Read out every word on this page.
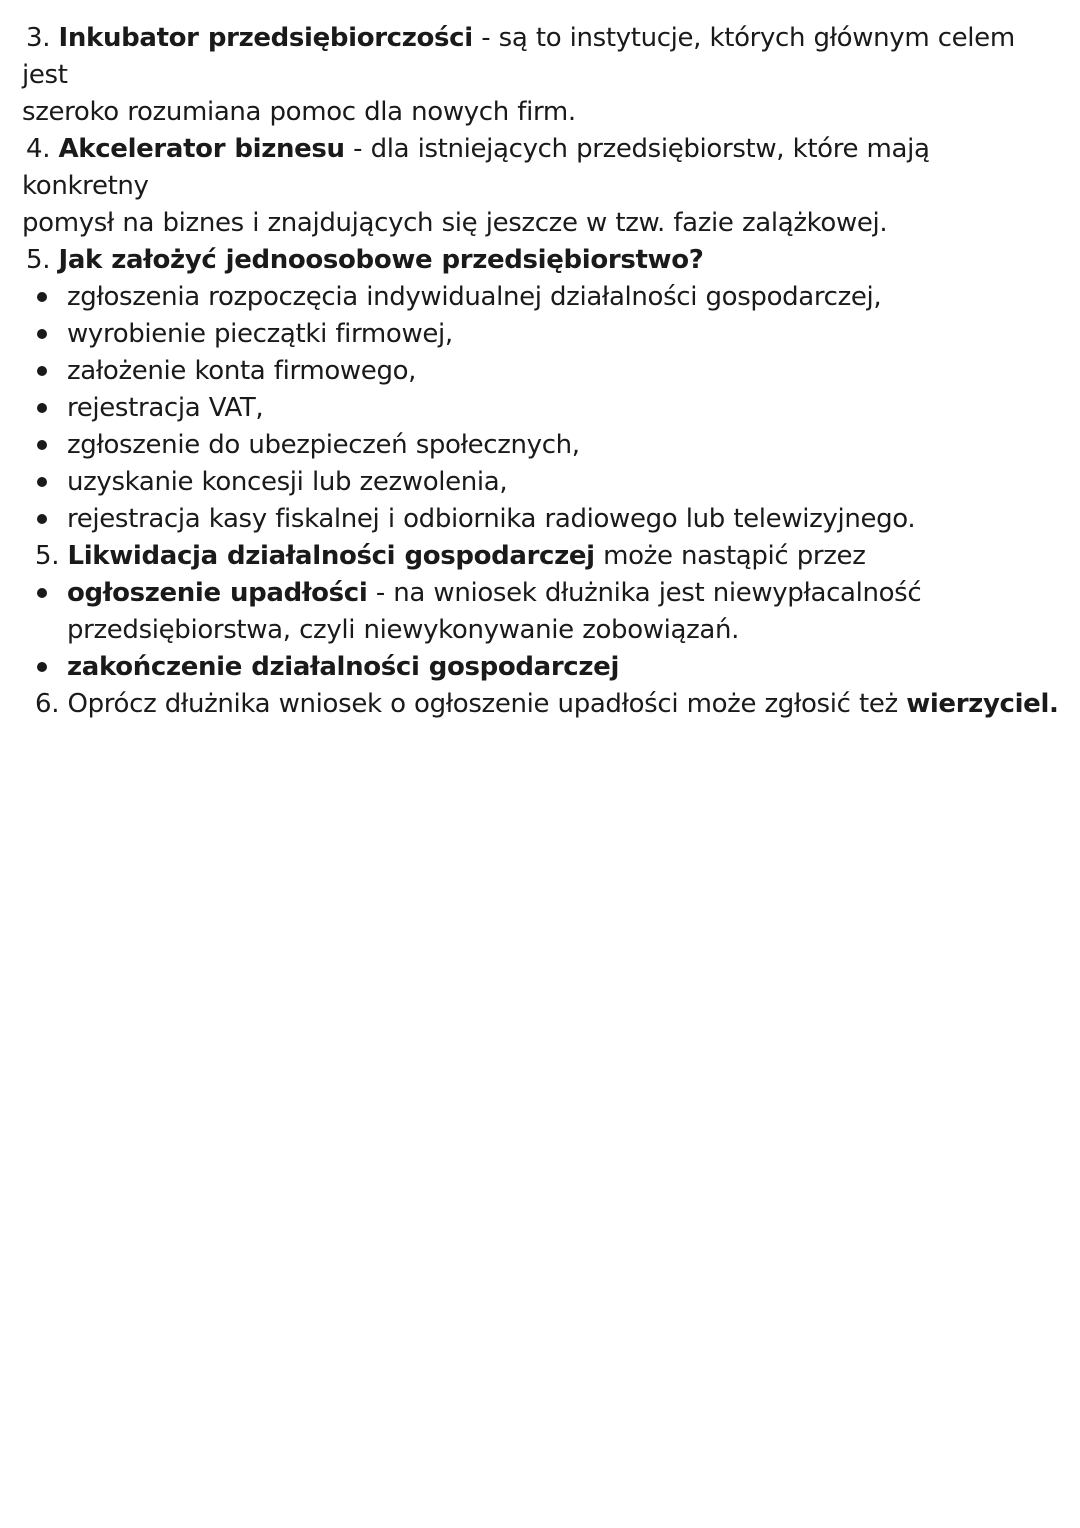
3. Inkubator przedsiębiorczości - są to instytucje, których głównym celem jest
szeroko rozumiana pomoc dla nowych firm.

4. Akcelerator biznesu - dla istniejących przedsiębiorstw, które mają konkretny
pomysł na biznes i znajdujących się jeszcze w tzw. fazie zalążkowej.

5. Jak założyć jednoosobowe przedsiębiorstwo?

zgłoszenia rozpoczęcia indywidualnej działalności gospodarczej,
wyrobienie pieczątki firmowej,
założenie konta firmowego,
rejestracja VAT,
zgłoszenie do ubezpieczeń społecznych,
uzyskanie koncesji lub zezwolenia,
rejestracja kasy fiskalnej i odbiornika radiowego lub telewizyjnego.

5. Likwidacja działalności gospodarczej może nastąpić przez

ogłoszenie upadłości - na wniosek dłużnika jest niewypłacalność
przedsiębiorstwa, czyli niewykonywanie zobowiązań.
zakończenie działalności gospodarczej

6. Oprócz dłużnika wniosek o ogłoszenie upadłości może zgłosić też wierzyciel.
